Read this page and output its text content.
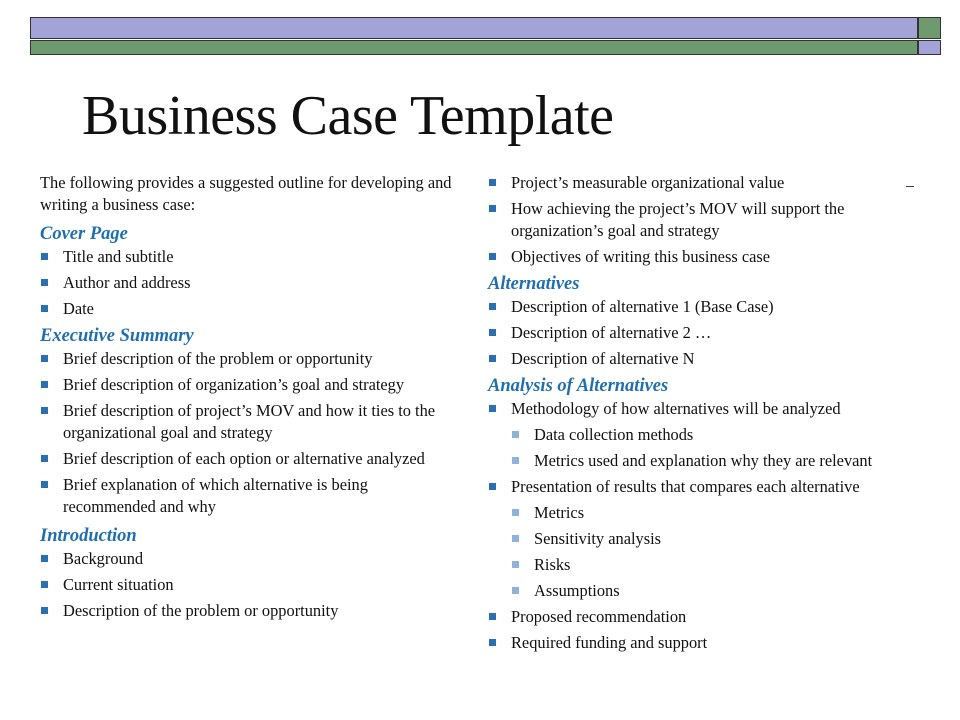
Business Case Template

The following provides a suggested outline for developing and writing a business case:

Cover Page
Title and subtitle
Author and address
Date
Executive Summary
Brief description of the problem or opportunity
Brief description of organization’s goal and strategy
Brief description of project’s MOV and how it ties to the organizational goal and strategy
Brief description of each option or alternative analyzed
Brief explanation of which alternative is being recommended and why
Introduction
Background
Current situation
Description of the problem or opportunity
Project’s measurable organizational value
How achieving the project’s MOV will support the organization’s goal and strategy
Objectives of writing this business case
Alternatives
Description of alternative 1 (Base Case)
Description of alternative 2 …
Description of alternative N
Analysis of Alternatives
Methodology of how alternatives will be analyzed
Data collection methods
Metrics used and explanation why they are relevant
Presentation of results that compares each alternative
Metrics
Sensitivity analysis
Risks
Assumptions
Proposed recommendation
Required funding and support
